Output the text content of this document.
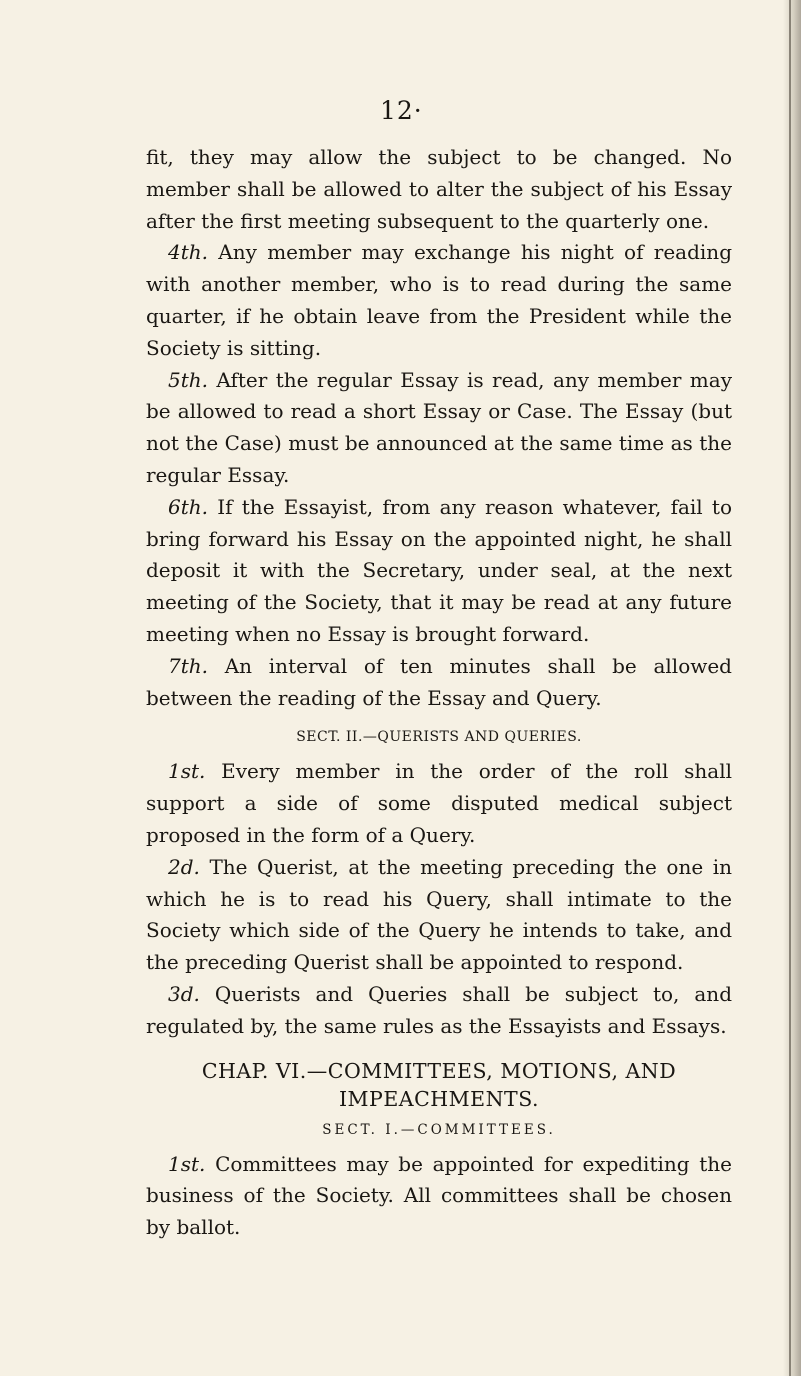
12·

fit, they may allow the subject to be changed. No member shall be allowed to alter the subject of his Essay after the first meeting subsequent to the quarterly one.

4th. Any member may exchange his night of reading with another member, who is to read during the same quarter, if he obtain leave from the President while the Society is sitting.

5th. After the regular Essay is read, any member may be allowed to read a short Essay or Case. The Essay (but not the Case) must be announced at the same time as the regular Essay.

6th. If the Essayist, from any reason whatever, fail to bring forward his Essay on the appointed night, he shall deposit it with the Secretary, under seal, at the next meeting of the Society, that it may be read at any future meeting when no Essay is brought forward.

7th. An interval of ten minutes shall be allowed between the reading of the Essay and Query.

SECT. II.—QUERISTS AND QUERIES.

1st. Every member in the order of the roll shall support a side of some disputed medical subject proposed in the form of a Query.

2d. The Querist, at the meeting preceding the one in which he is to read his Query, shall intimate to the Society which side of the Query he intends to take, and the preceding Querist shall be appointed to respond.

3d. Querists and Queries shall be subject to, and regulated by, the same rules as the Essayists and Essays.

CHAP. VI.—COMMITTEES, MOTIONS, AND
IMPEACHMENTS.
SECT. I.—COMMITTEES.

1st. Committees may be appointed for expediting the business of the Society. All committees shall be chosen by ballot.
